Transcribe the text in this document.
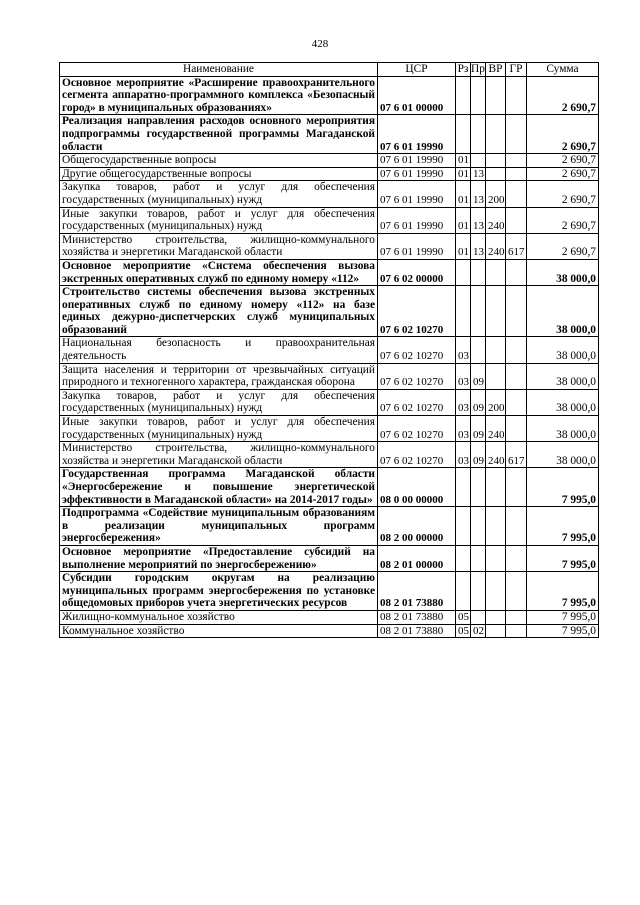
428
Наименование	ЦСР	Рз	Пр	ВР	ГР	Сумма
Основное мероприятие «Расширение правоохранительного сегмента аппаратно-программного комплекса «Безопасный город» в муниципальных образованиях»	07 6 01 00000					2 690,7
Реализация направления расходов основного мероприятия подпрограммы государственной программы Магаданской области	07 6 01 19990					2 690,7
Общегосударственные вопросы	07 6 01 19990	01				2 690,7
Другие общегосударственные вопросы	07 6 01 19990	01	13			2 690,7
Закупка товаров, работ и услуг для обеспечения государственных (муниципальных) нужд	07 6 01 19990	01	13	200		2 690,7
Иные закупки товаров, работ и услуг для обеспечения государственных (муниципальных) нужд	07 6 01 19990	01	13	240		2 690,7
Министерство строительства, жилищно-коммунального хозяйства и энергетики Магаданской области	07 6 01 19990	01	13	240	617	2 690,7
Основное мероприятие «Система обеспечения вызова экстренных оперативных служб по единому номеру «112»	07 6 02 00000					38 000,0
Строительство системы обеспечения вызова экстренных оперативных служб по единому номеру «112» на базе единых дежурно-диспетчерских служб муниципальных образований	07 6 02 10270					38 000,0
Национальная безопасность и правоохранительная деятельность	07 6 02 10270	03				38 000,0
Защита населения и территории от чрезвычайных ситуаций природного и техногенного характера, гражданская оборона	07 6 02 10270	03	09			38 000,0
Закупка товаров, работ и услуг для обеспечения государственных (муниципальных) нужд	07 6 02 10270	03	09	200		38 000,0
Иные закупки товаров, работ и услуг для обеспечения государственных (муниципальных) нужд	07 6 02 10270	03	09	240		38 000,0
Министерство строительства, жилищно-коммунального хозяйства и энергетики Магаданской области	07 6 02 10270	03	09	240	617	38 000,0
Государственная программа Магаданской области «Энергосбережение и повышение энергетической эффективности в Магаданской области» на 2014-2017 годы»	08 0 00 00000					7 995,0
Подпрограмма «Содействие муниципальным образованиям в реализации муниципальных программ энергосбережения»	08 2 00 00000					7 995,0
Основное мероприятие «Предоставление субсидий на выполнение мероприятий по энергосбережению»	08 2 01 00000					7 995,0
Субсидии городским округам на реализацию муниципальных программ энергосбережения по установке общедомовых приборов учета энергетических ресурсов	08 2 01 73880					7 995,0
Жилищно-коммунальное хозяйство	08 2 01 73880	05				7 995,0
Коммунальное хозяйство	08 2 01 73880	05	02			7 995,0
